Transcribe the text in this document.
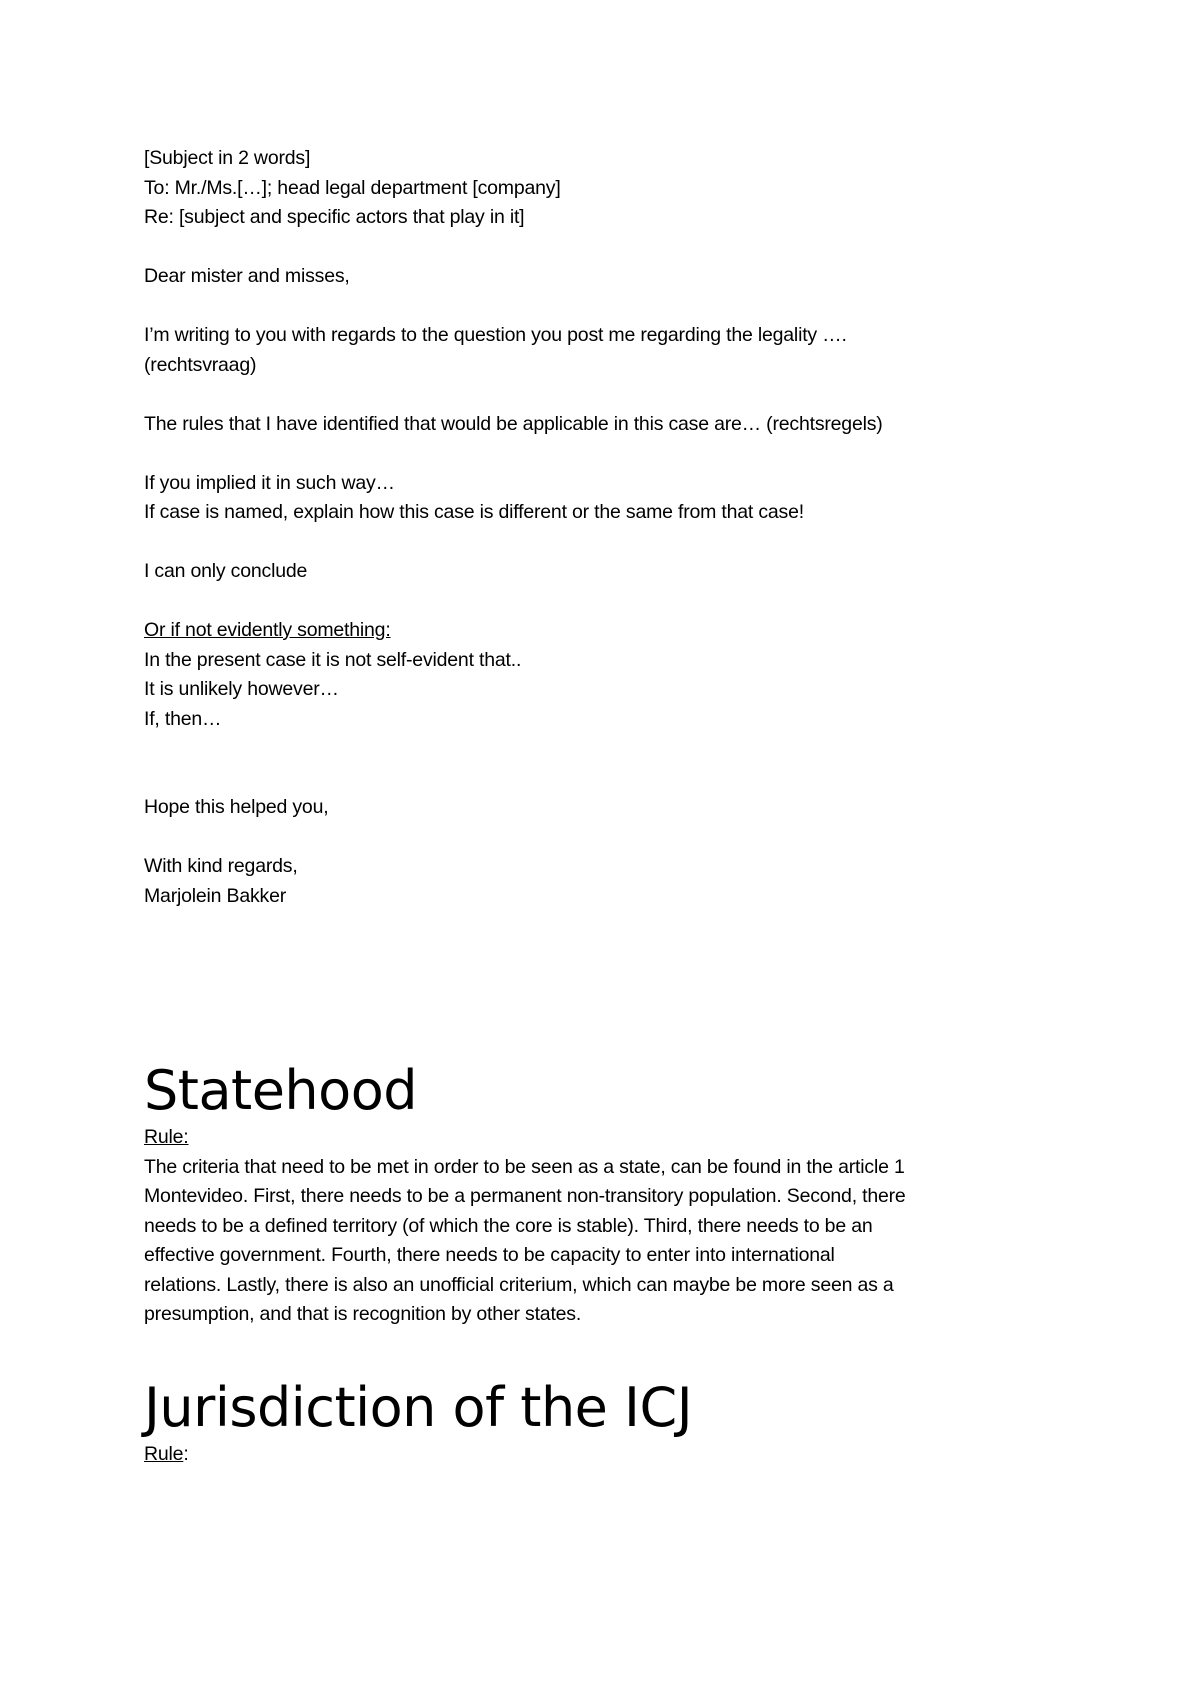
[Subject in 2 words]
To: Mr./Ms.[…]; head legal department [company]
Re: [subject and specific actors that play in it]
Dear mister and misses,
I’m writing to you with regards to the question you post me regarding the legality ….
(rechtsvraag)
The rules that I have identified that would be applicable in this case are… (rechtsregels)
If you implied it in such way…
If case is named, explain how this case is different or the same from that case!
I can only conclude
Or if not evidently something:
In the present case it is not self-evident that..
It is unlikely however…
If, then…
Hope this helped you,
With kind regards,
Marjolein Bakker
Statehood
Rule:
The criteria that need to be met in order to be seen as a state, can be found in the article 1
Montevideo. First, there needs to be a permanent non-transitory population. Second, there
needs to be a defined territory (of which the core is stable). Third, there needs to be an
effective government. Fourth, there needs to be capacity to enter into international
relations. Lastly, there is also an unofficial criterium, which can maybe be more seen as a
presumption, and that is recognition by other states.
Jurisdiction of the ICJ
Rule:
